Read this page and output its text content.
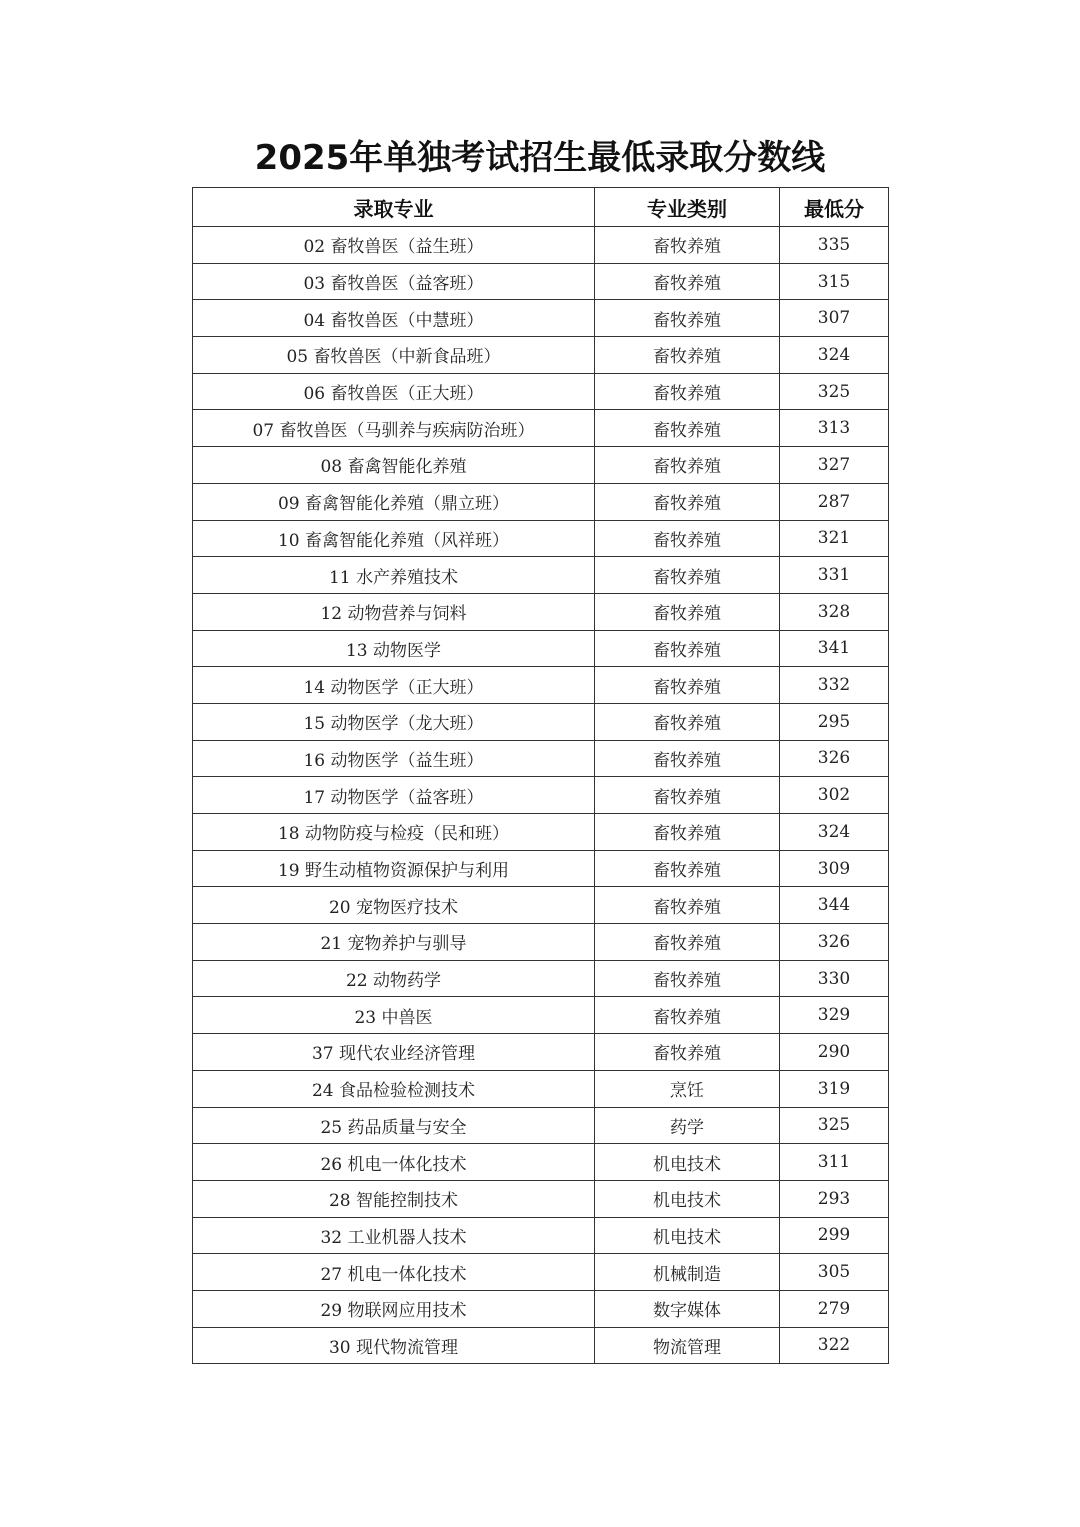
2025年单独考试招生最低录取分数线
录取专业	专业类别	最低分
02 畜牧兽医（益生班）	畜牧养殖	335
03 畜牧兽医（益客班）	畜牧养殖	315
04 畜牧兽医（中慧班）	畜牧养殖	307
05 畜牧兽医（中新食品班）	畜牧养殖	324
06 畜牧兽医（正大班）	畜牧养殖	325
07 畜牧兽医（马驯养与疾病防治班）	畜牧养殖	313
08 畜禽智能化养殖	畜牧养殖	327
09 畜禽智能化养殖（鼎立班）	畜牧养殖	287
10 畜禽智能化养殖（风祥班）	畜牧养殖	321
11 水产养殖技术	畜牧养殖	331
12 动物营养与饲料	畜牧养殖	328
13 动物医学	畜牧养殖	341
14 动物医学（正大班）	畜牧养殖	332
15 动物医学（龙大班）	畜牧养殖	295
16 动物医学（益生班）	畜牧养殖	326
17 动物医学（益客班）	畜牧养殖	302
18 动物防疫与检疫（民和班）	畜牧养殖	324
19 野生动植物资源保护与利用	畜牧养殖	309
20 宠物医疗技术	畜牧养殖	344
21 宠物养护与驯导	畜牧养殖	326
22 动物药学	畜牧养殖	330
23 中兽医	畜牧养殖	329
37 现代农业经济管理	畜牧养殖	290
24 食品检验检测技术	烹饪	319
25 药品质量与安全	药学	325
26 机电一体化技术	机电技术	311
28 智能控制技术	机电技术	293
32 工业机器人技术	机电技术	299
27 机电一体化技术	机械制造	305
29 物联网应用技术	数字媒体	279
30 现代物流管理	物流管理	322
